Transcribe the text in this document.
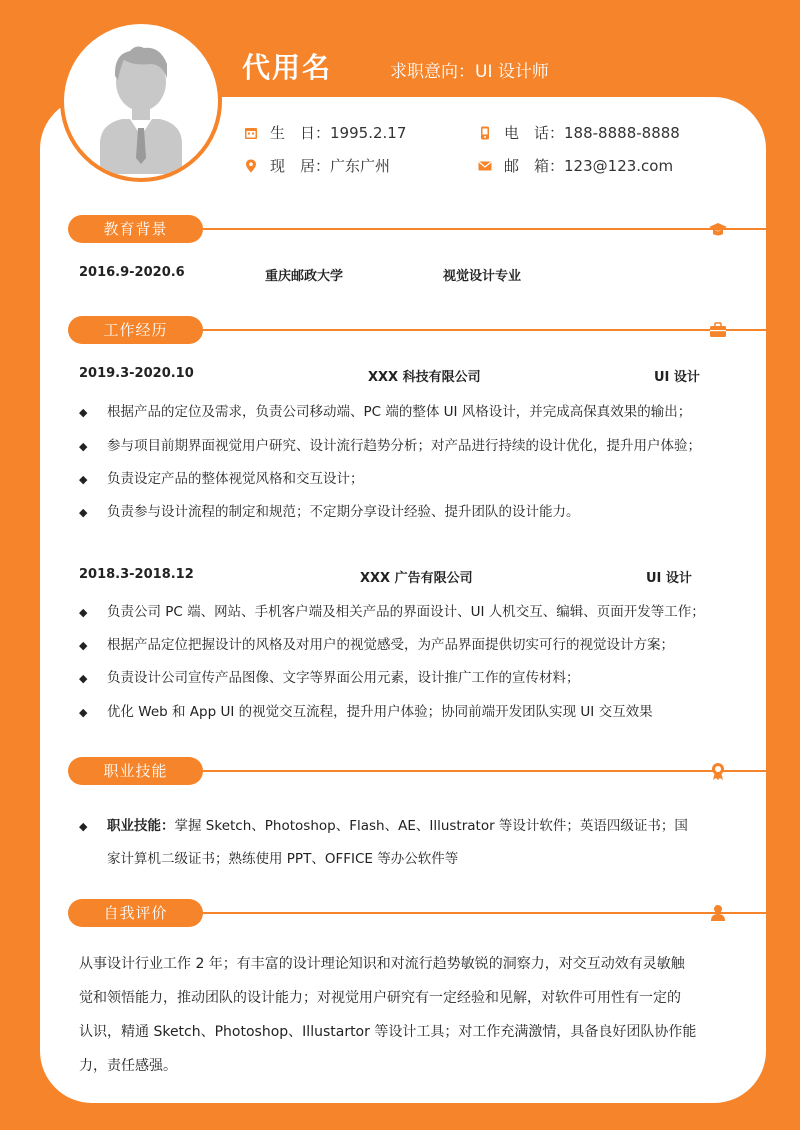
代用名	求职意向：UI 设计师
生　日： 1995.2.17	电　话： 188-8888-8888
现　居： 广东广州	邮　箱： 123@123.com
教育背景
2016.9-2020.6	重庆邮政大学	视觉设计专业
工作经历
2019.3-2020.10	XXX 科技有限公司	UI 设计
◆ 根据产品的定位及需求，负责公司移动端、PC 端的整体 UI 风格设计，并完成高保真效果的输出；
◆ 参与项目前期界面视觉用户研究、设计流行趋势分析；对产品进行持续的设计优化，提升用户体验；
◆ 负责设定产品的整体视觉风格和交互设计；
◆ 负责参与设计流程的制定和规范；不定期分享设计经验、提升团队的设计能力。
2018.3-2018.12	XXX 广告有限公司	UI 设计
◆ 负责公司 PC 端、网站、手机客户端及相关产品的界面设计、UI 人机交互、编辑、页面开发等工作；
◆ 根据产品定位把握设计的风格及对用户的视觉感受，为产品界面提供切实可行的视觉设计方案；
◆ 负责设计公司宣传产品图像、文字等界面公用元素，设计推广工作的宣传材料；
◆ 优化 Web 和 App UI 的视觉交互流程，提升用户体验；协同前端开发团队实现 UI 交互效果
职业技能
◆ 职业技能：掌握 Sketch、Photoshop、Flash、AE、Illustrator 等设计软件；英语四级证书；国
家计算机二级证书；熟练使用 PPT、OFFICE 等办公软件等
自我评价
从事设计行业工作 2 年；有丰富的设计理论知识和对流行趋势敏锐的洞察力，对交互动效有灵敏触
觉和领悟能力，推动团队的设计能力；对视觉用户研究有一定经验和见解，对软件可用性有一定的
认识，精通 Sketch、Photoshop、Illustartor 等设计工具；对工作充满激情，具备良好团队协作能
力，责任感强。
